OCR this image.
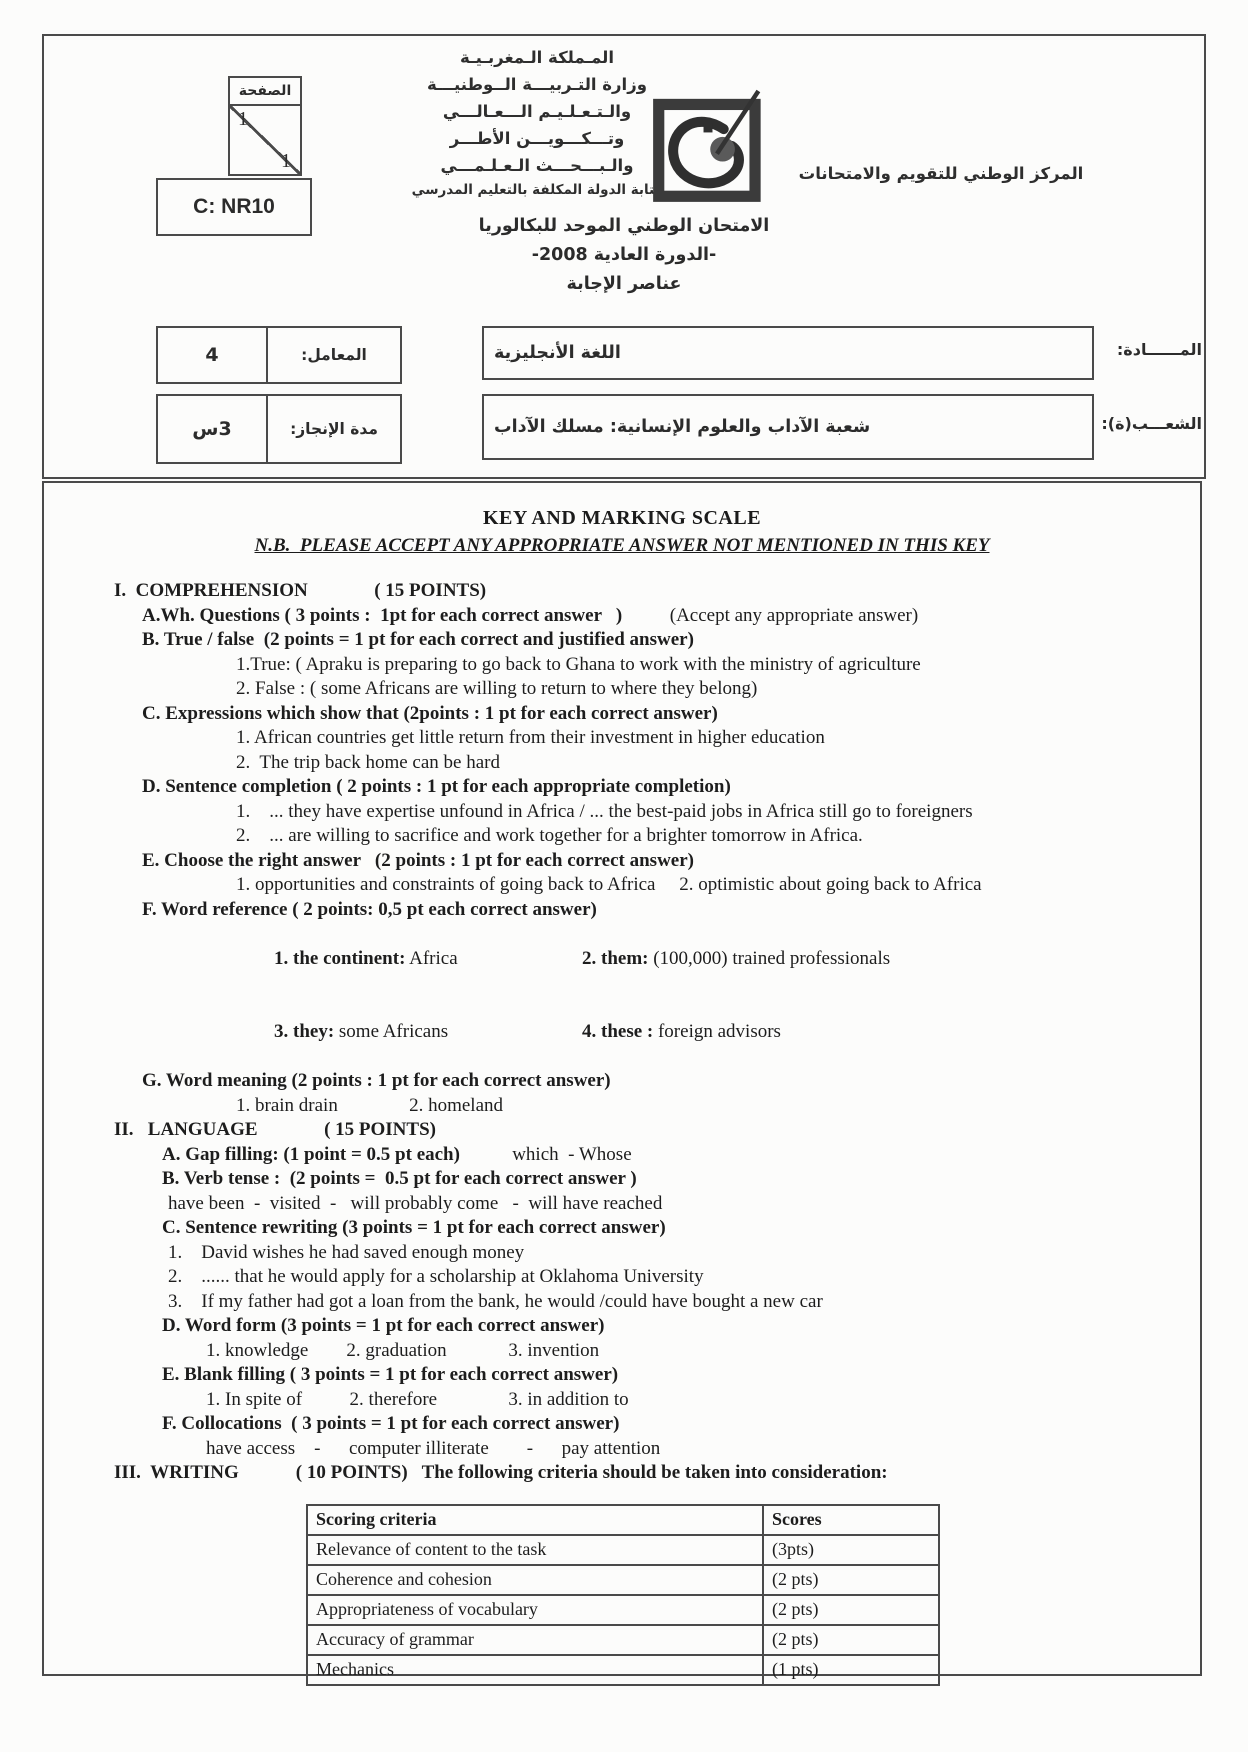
الصفحة
1
1
C: NR10
المـملكة الـمغربـيـة
وزارة التـربيـــة الــوطنيـــة
والـتـعـلـيـم الـــعـالـــي
وتـــكـــويـــن الأطـــر
والـبـــحـــث الـعـلـمـــي
كتابة الدولة المكلفة بالتعليم المدرسي
المركز الوطني للتقويم والامتحانات
الامتحان الوطني الموحد للبكالوريا
-الدورة العادية 2008-
عناصر الإجابة
المعامل:
4	اللغة الأنجليزية	المــــــادة:
مدة الإنجاز:
3س	شعبة الآداب والعلوم الإنسانية: مسلك الآداب	الشعـــب(ة):
KEY AND MARKING SCALE
N.B.  PLEASE ACCEPT ANY APPROPRIATE ANSWER NOT MENTIONED IN THIS KEY
I.  COMPREHENSION              ( 15 POINTS)
A.Wh. Questions ( 3 points :  1pt for each correct answer   )          (Accept any appropriate answer)
B. True / false  (2 points = 1 pt for each correct and justified answer)
1.True: ( Apraku is preparing to go back to Ghana to work with the ministry of agriculture
2. False : ( some Africans are willing to return to where they belong)
C. Expressions which show that (2points : 1 pt for each correct answer)
1. African countries get little return from their investment in higher education
2.  The trip back home can be hard
D. Sentence completion ( 2 points : 1 pt for each appropriate completion)
1.    ... they have expertise unfound in Africa / ... the best-paid jobs in Africa still go to foreigners
2.    ... are willing to sacrifice and work together for a brighter tomorrow in Africa.
E. Choose the right answer   (2 points : 1 pt for each correct answer)
1. opportunities and constraints of going back to Africa     2. optimistic about going back to Africa
F. Word reference ( 2 points: 0,5 pt each correct answer)

1. the continent: Africa	2. them: (100,000) trained professionals

3. they: some Africans	4. these : foreign advisors

G. Word meaning (2 points : 1 pt for each correct answer)
1. brain drain               2. homeland
II.   LANGUAGE              ( 15 POINTS)
A. Gap filling: (1 point = 0.5 pt each)           which  - Whose
B. Verb tense :  (2 points =  0.5 pt for each correct answer )
have been  -  visited  -   will probably come   -  will have reached
C. Sentence rewriting (3 points = 1 pt for each correct answer)
1.    David wishes he had saved enough money
2.    ...... that he would apply for a scholarship at Oklahoma University
3.    If my father had got a loan from the bank, he would /could have bought a new car
D. Word form (3 points = 1 pt for each correct answer)
1. knowledge        2. graduation             3. invention
E. Blank filling ( 3 points = 1 pt for each correct answer)
1. In spite of          2. therefore               3. in addition to
F. Collocations  ( 3 points = 1 pt for each correct answer)
have access    -      computer illiterate        -      pay attention
III.  WRITING            ( 10 POINTS)   The following criteria should be taken into consideration:
Scoring criteria	Scores
Relevance of content to the task	(3pts)
Coherence and cohesion	(2 pts)
Appropriateness of vocabulary	(2 pts)
Accuracy of grammar	(2 pts)
Mechanics	(1 pts)
